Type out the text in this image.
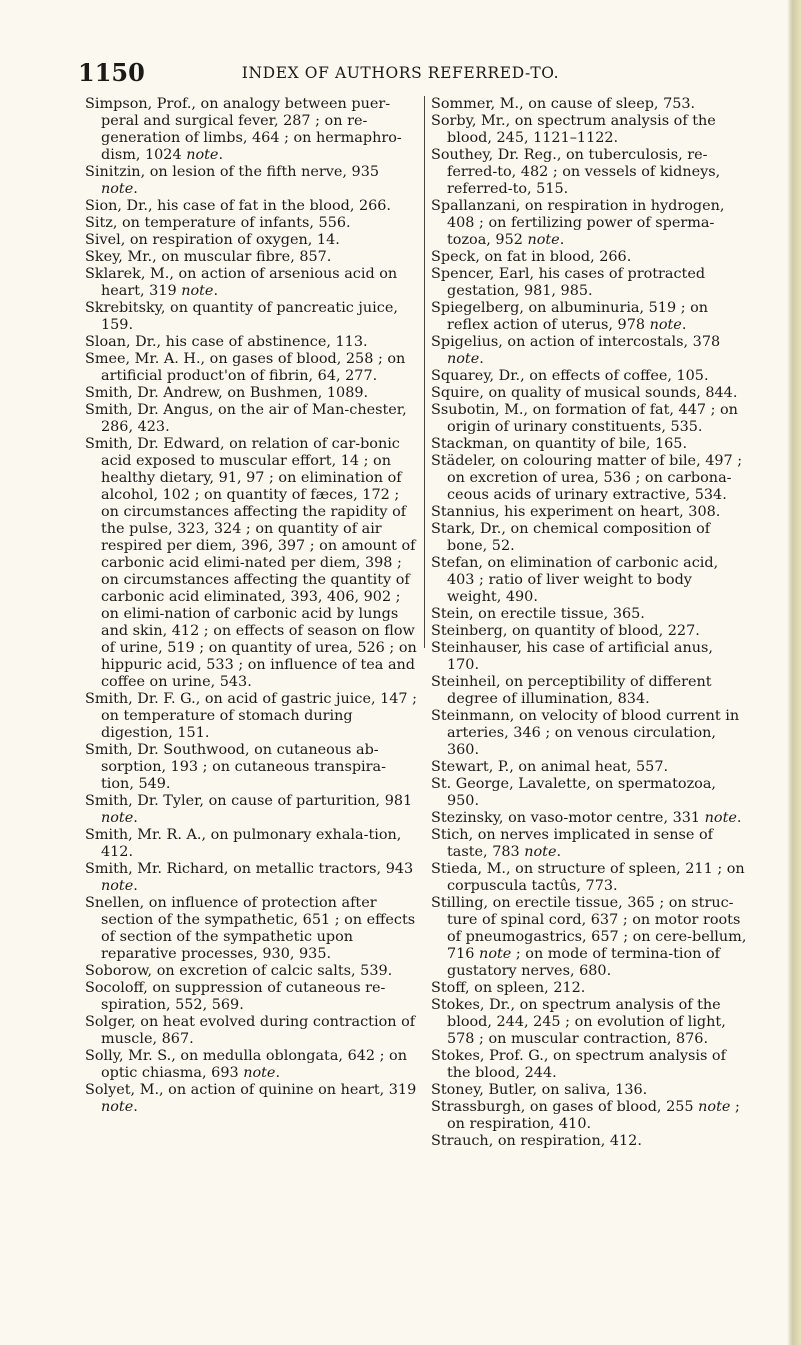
1150	INDEX OF AUTHORS REFERRED-TO.

Simpson, Prof., on analogy between puer-peral and surgical fever, 287 ; on re-generation of limbs, 464 ; on hermaphro-dism, 1024 note.

Sinitzin, on lesion of the fifth nerve, 935 note.

Sion, Dr., his case of fat in the blood, 266.

Sitz, on temperature of infants, 556.

Sivel, on respiration of oxygen, 14.

Skey, Mr., on muscular fibre, 857.

Sklarek, M., on action of arsenious acid on heart, 319 note.

Skrebitsky, on quantity of pancreatic juice, 159.

Sloan, Dr., his case of abstinence, 113.

Smee, Mr. A. H., on gases of blood, 258 ; on artificial product'on of fibrin, 64, 277.

Smith, Dr. Andrew, on Bushmen, 1089.

Smith, Dr. Angus, on the air of Man-chester, 286, 423.

Smith, Dr. Edward, on relation of car-bonic acid exposed to muscular effort, 14 ; on healthy dietary, 91, 97 ; on elimination of alcohol, 102 ; on quantity of fæces, 172 ; on circumstances affecting the rapidity of the pulse, 323, 324 ; on quantity of air respired per diem, 396, 397 ; on amount of carbonic acid elimi-nated per diem, 398 ; on circumstances affecting the quantity of carbonic acid eliminated, 393, 406, 902 ; on elimi-nation of carbonic acid by lungs and skin, 412 ; on effects of season on flow of urine, 519 ; on quantity of urea, 526 ; on hippuric acid, 533 ; on influence of tea and coffee on urine, 543.

Smith, Dr. F. G., on acid of gastric juice, 147 ; on temperature of stomach during digestion, 151.

Smith, Dr. Southwood, on cutaneous ab-sorption, 193 ; on cutaneous transpira-tion, 549.

Smith, Dr. Tyler, on cause of parturition, 981 note.

Smith, Mr. R. A., on pulmonary exhala-tion, 412.

Smith, Mr. Richard, on metallic tractors, 943 note.

Snellen, on influence of protection after section of the sympathetic, 651 ; on effects of section of the sympathetic upon reparative processes, 930, 935.

Soborow, on excretion of calcic salts, 539.

Socoloff, on suppression of cutaneous re-spiration, 552, 569.

Solger, on heat evolved during contraction of muscle, 867.

Solly, Mr. S., on medulla oblongata, 642 ; on optic chiasma, 693 note.

Solyet, M., on action of quinine on heart, 319 note.

Sommer, M., on cause of sleep, 753.

Sorby, Mr., on spectrum analysis of the blood, 245, 1121–1122.

Southey, Dr. Reg., on tuberculosis, re-ferred-to, 482 ; on vessels of kidneys, referred-to, 515.

Spallanzani, on respiration in hydrogen, 408 ; on fertilizing power of sperma-tozoa, 952 note.

Speck, on fat in blood, 266.

Spencer, Earl, his cases of protracted gestation, 981, 985.

Spiegelberg, on albuminuria, 519 ; on reflex action of uterus, 978 note.

Spigelius, on action of intercostals, 378 note.

Squarey, Dr., on effects of coffee, 105.

Squire, on quality of musical sounds, 844.

Ssubotin, M., on formation of fat, 447 ; on origin of urinary constituents, 535.

Stackman, on quantity of bile, 165.

Städeler, on colouring matter of bile, 497 ; on excretion of urea, 536 ; on carbona-ceous acids of urinary extractive, 534.

Stannius, his experiment on heart, 308.

Stark, Dr., on chemical composition of bone, 52.

Stefan, on elimination of carbonic acid, 403 ; ratio of liver weight to body weight, 490.

Stein, on erectile tissue, 365.

Steinberg, on quantity of blood, 227.

Steinhauser, his case of artificial anus, 170.

Steinheil, on perceptibility of different degree of illumination, 834.

Steinmann, on velocity of blood current in arteries, 346 ; on venous circulation, 360.

Stewart, P., on animal heat, 557.

St. George, Lavalette, on spermatozoa, 950.

Stezinsky, on vaso-motor centre, 331 note.

Stich, on nerves implicated in sense of taste, 783 note.

Stieda, M., on structure of spleen, 211 ; on corpuscula tactûs, 773.

Stilling, on erectile tissue, 365 ; on struc-ture of spinal cord, 637 ; on motor roots of pneumogastrics, 657 ; on cere-bellum, 716 note ; on mode of termina-tion of gustatory nerves, 680.

Stoff, on spleen, 212.

Stokes, Dr., on spectrum analysis of the blood, 244, 245 ; on evolution of light, 578 ; on muscular contraction, 876.

Stokes, Prof. G., on spectrum analysis of the blood, 244.

Stoney, Butler, on saliva, 136.

Strassburgh, on gases of blood, 255 note ; on respiration, 410.

Strauch, on respiration, 412.
